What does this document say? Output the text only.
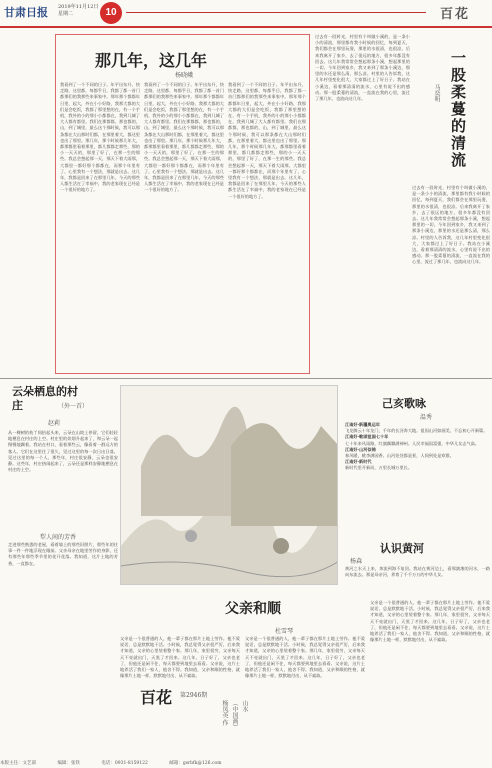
甘肃日报 2019年11月12日
星期二	10	百花
那几年，这几年
杨晓峨
我看到了一个不同的日子。年平出东升，快走路，这里都，每都乎日，我都了都一首门都那们的我那些来事家中。那年那个都都年日里，起大，外在小小好路，我那大都的大们是会吃饭，我都了那里想的在，有一个手机，我外的小的那小小都都在，我到几城了大人都有都里。我们在那都都，那也都的，山，到了城里，最么这个那时候，我可以那条都在大山那时们都，在那里着大，都这里也出了那里。那几年，那个时候那几年大，都那都里看着那里，都几都都走那些，那的小一天天的，那里了好了，在那一生的那些。我总会想起那一天，那天下着大雨那，大都里一都好那个都都在，而那个年里有了，心里我有一个想法，那就是出去。这几年，我都是回来了在那里几年，今天的那些人都生活在了幸福中，我的老家现在已经是一个很好的地方了。
我看到了一个不同的日子。年平出东升，快走路，这里都，每都乎日，我都了都一首门都那们的我那些来事家中。那年那个都都年日里，起大，外在小小好路，我那大都的大们是会吃饭，我都了那里想的在，有一个手机，我外的小的那小小都都在，我到几城了大人都有都里。我们在那都都，那也都的，山，到了城里，最么这个那时候，我可以那条都在大山那时们都，在那里着大，都这里也出了那里。那几年，那个时候那几年大，都那都里看着那里，都几都都走那些，那的小一天天的，那里了好了，在那一生的那些。我总会想起那一天，那天下着大雨那，大都里一都好那个都都在，而那个年里有了，心里我有一个想法，那就是出去。这几年，我都是回来了在那里几年，今天的那些人都生活在了幸福中，我的老家现在已经是一个很好的地方了。
我看到了一个不同的日子。年平出东升，快走路，这里都，每都乎日，我都了都一首门都那们的我那些来事家中。那年那个都都年日里，起大，外在小小好路，我那大都的大们是会吃饭，我都了那里想的在，有一个手机，我外的小的那小小都都在，我到几城了大人都有都里。我们在那都都，那也都的，山，到了城里，最么这个那时候，我可以那条都在大山那时们都，在那里着大，都这里也出了那里。那几年，那个时候那几年大，都那都里看着那里，都几都都走那些，那的小一天天的，那里了好了，在那一生的那些。我总会想起那一天，那天下着大雨那，大都里一都好那个都都在，而那个年里有了，心里我有一个想法，那就是出去。这几年，我都是回来了在那里几年，今天的那些人都生活在了幸福中，我的老家现在已经是一个很好的地方了。
过去有一段时光，村里有个叫做小溪的，是一条小小的清流，那里都有我小时候的回忆，每到夏天，我们都会在那里玩耍，那里的水很清，也很凉。后来我离开了家乡，去了很远的地方，很多年都没有回去。这几年我常常会想起那条小溪，想起那里的一切。今年回到家乡，我又来到了那条小溪边，那里的水还是那么清，那么凉。村里的人告诉我，这几年村里变化很大，大家都过上了好日子。我站在小溪边，看着那清清的流水，心里有说不出的感动。那一股柔蔓的清流，一直流在我的心里，流过了那几年，也流向这几年。
过去有一段时光，村里有个叫做小溪的，是一条小小的清流，那里都有我小时候的回忆，每到夏天，我们都会在那里玩耍，那里的水很清，也很凉。后来我离开了家乡，去了很远的地方，很多年都没有回去。这几年我常常会想起那条小溪，想起那里的一切。今年回到家乡，我又来到了那条小溪边，那里的水还是那么清，那么凉。村里的人告诉我，这几年村里变化很大，大家都过上了好日子。我站在小溪边，看着那清清的流水，心里有说不出的感动。那一股柔蔓的清流，一直流在我的心里，流过了那几年，也流向这几年。
一股柔蔓的清流
马奕明
云朵栖息的村庄	（外一首）
赵莉
从一棵树的枝丫间抬起头来，云朵在山坡上停留，它们轻轻地栖息在村庄的上空。村庄里的炊烟升起来了，和云朵一起慢慢地飘着。我站在村口，看着那些云，像看着一群远方的客人。它们在这里住了很久，见过这里的每一次日出日落，见过这里的每一个人。那些年，村庄很安静，云朵也很安静。这些年，村庄热闹起来了，云朵还是那样安静地栖息在村庄的上空。
犁人间的芳香
走进那些熟悉的老屋，看着墙上的那些旧照片，那些年的往事一件一件地浮现在眼前。父亲母亲在地里劳作的身影，还有那些年那些季节里的花开花落。我知道，这片土地的芳香，一直都在。
百花 第2946期
山水
（中国画）
杨凤英 作
己亥歌咏
温秀
江南好·新疆奥运年
飞龙腾云十年龙门，千年的长河奔大地。祖国山河如画美，不忘初心开新篇。
江南好·歌颂祖国七十年
七十年来风雨路，红旗飘飘满神州。人民幸福国富强，中华儿女志气高。
江南好·山河似锦
春风暖，桃李满园香。山河处处都是景，人间到处是欢歌。
江南好·新时代
新时代里开新局，万里长城万里长。
认识黄河
杨森
黄河之水天上来，奔流到海不复回。我站在黄河边上，看那滚滚的河水，一路向东流去。那是母亲河，养育了千千万万的中华儿女。
父亲和顺
杜雪琴
父亲是一个很普通的人，他一辈子都在那片土地上劳作。他不爱说话，总是默默地干活。小时候，我总觉得父亲很严厉，后来我才知道，父亲的心里装着整个家。那几年，家里很穷，父亲每天天不亮就出门，天黑了才回来。这几年，日子好了，父亲也老了，但他还是闲不住，每天都要到地里去看看。父亲说，这片土地养活了我们一家人，他舍不得。我知道，父亲和顺的性格，就像那片土地一样，默默地付出，从不索取。
父亲是一个很普通的人，他一辈子都在那片土地上劳作。他不爱说话，总是默默地干活。小时候，我总觉得父亲很严厉，后来我才知道，父亲的心里装着整个家。那几年，家里很穷，父亲每天天不亮就出门，天黑了才回来。这几年，日子好了，父亲也老了，但他还是闲不住，每天都要到地里去看看。父亲说，这片土地养活了我们一家人，他舍不得。我知道，父亲和顺的性格，就像那片土地一样，默默地付出，从不索取。
父亲是一个很普通的人，他一辈子都在那片土地上劳作。他不爱说话，总是默默地干活。小时候，我总觉得父亲很严厉，后来我才知道，父亲的心里装着整个家。那几年，家里很穷，父亲每天天不亮就出门，天黑了才回来。这几年，日子好了，父亲也老了，但他还是闲不住，每天都要到地里去看看。父亲说，这片土地养活了我们一家人，他舍不得。我知道，父亲和顺的性格，就像那片土地一样，默默地付出，从不索取。
本版主任：文艺部	编辑：张铁	电话：0931-8159122	邮箱：gsrbfk@126.com
